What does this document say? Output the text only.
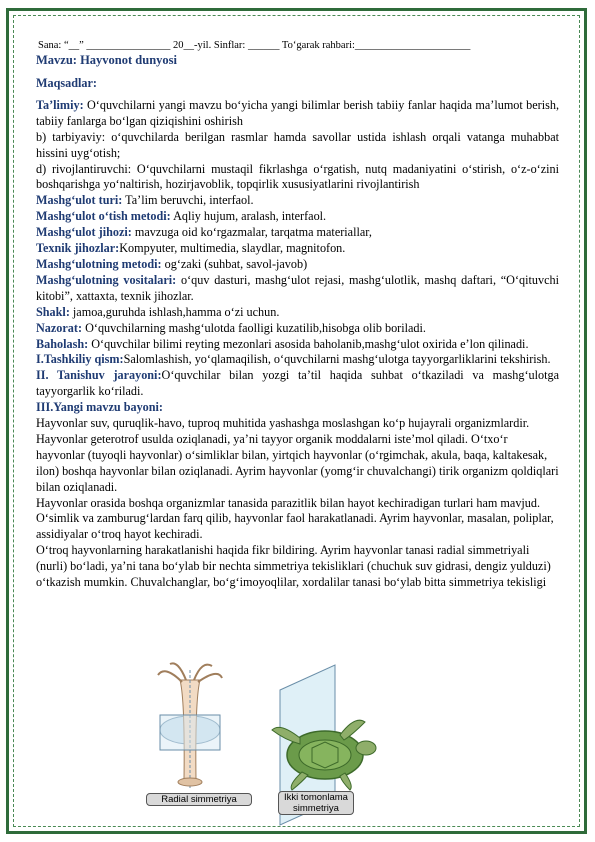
Sana: “__” ________________ 20__-yil. Sinflar: ______ Toʻgarak rahbari:______________________
Mavzu: Hayvonot dunyosi

Maqsadlar:

Taʼlimiy: Oʻquvchilarni yangi mavzu boʻyicha yangi bilimlar berish tabiiy fanlar haqida maʼlumot berish, tabiiy fanlarga boʻlgan qiziqishini oshirish

b) tarbiyaviy: oʻquvchilarda berilgan rasmlar hamda savollar ustida ishlash orqali vatanga muhabbat hissini uygʻotish;

d) rivojlantiruvchi: Oʻquvchilarni mustaqil fikrlashga oʻrgatish, nutq madaniyatini oʻstirish, oʻz-oʻzini boshqarishga yoʻnaltirish, hozirjavoblik, topqirlik xususiyatlarini rivojlantirish

Mashgʻulot turi: Taʼlim beruvchi, interfaol.

Mashgʻulot oʻtish metodi: Aqliy hujum, aralash, interfaol.

Mashgʻulot jihozi: mavzuga oid koʻrgazmalar, tarqatma materiallar,

Texnik jihozlar:Kompyuter, multimedia, slaydlar, magnitofon.

Mashgʻulotning metodi: ogʻzaki (suhbat, savol-javob)

Mashgʻulotning vositalari: oʻquv dasturi, mashgʻulot rejasi, mashgʻulotlik, mashq daftari, “Oʻqituvchi kitobi”, xattaxta, texnik jihozlar.

Shakl: jamoa,guruhda ishlash,hamma oʻzi uchun.

Nazorat: Oʻquvchilarning mashgʻulotda faolligi kuzatilib,hisobga olib boriladi.

Baholash: Oʻquvchilar bilimi reyting mezonlari asosida baholanib,mashgʻulot oxirida eʼlon qilinadi.

I.Tashkiliy qism:Salomlashish, yoʻqlamaqilish, oʻquvchilarni mashgʻulotga tayyorgarliklarini tekshirish.

II. Tanishuv jarayoni:Oʻquvchilar bilan yozgi taʼtil haqida suhbat oʻtkaziladi va mashgʻulotga tayyorgarlik koʻriladi.

III.Yangi mavzu bayoni:

Hayvonlar suv, quruqlik-havo, tuproq muhitida yashashga moslashgan koʻp hujayrali organizmlardir. Hayvonlar geterotrof usulda oziqlanadi, yaʼni tayyor organik moddalarni isteʼmol qiladi. Oʻtxoʻr hayvonlar (tuyoqli hayvonlar) oʻsimliklar bilan, yirtqich hayvonlar (oʻrgimchak, akula, baqa, kaltakesak, ilon) boshqa hayvonlar bilan oziqlanadi. Ayrim hayvonlar (yomgʻir chuvalchangi) tirik organizm qoldiqlari bilan oziqlanadi.

Hayvonlar orasida boshqa organizmlar tanasida parazitlik bilan hayot kechiradigan turlari ham mavjud.

Oʻsimlik va zamburugʻlardan farq qilib, hayvonlar faol harakatlanadi. Ayrim hayvonlar, masalan, poliplar, assidiyalar oʻtroq hayot kechiradi.

Oʻtroq hayvonlarning harakatlanishi haqida fikr bildiring. Ayrim hayvonlar tanasi radial simmetriyali (nurli) boʻladi, yaʼni tana boʻylab bir nechta simmetriya tekisliklari (chuchuk suv gidrasi, dengiz yulduzi) oʻtkazish mumkin. Chuvalchanglar, boʻgʻimoyoqlilar, xordalilar tanasi boʻylab bitta simmetriya tekisligi

Radial simmetriya	Ikki tomonlama simmetriya
